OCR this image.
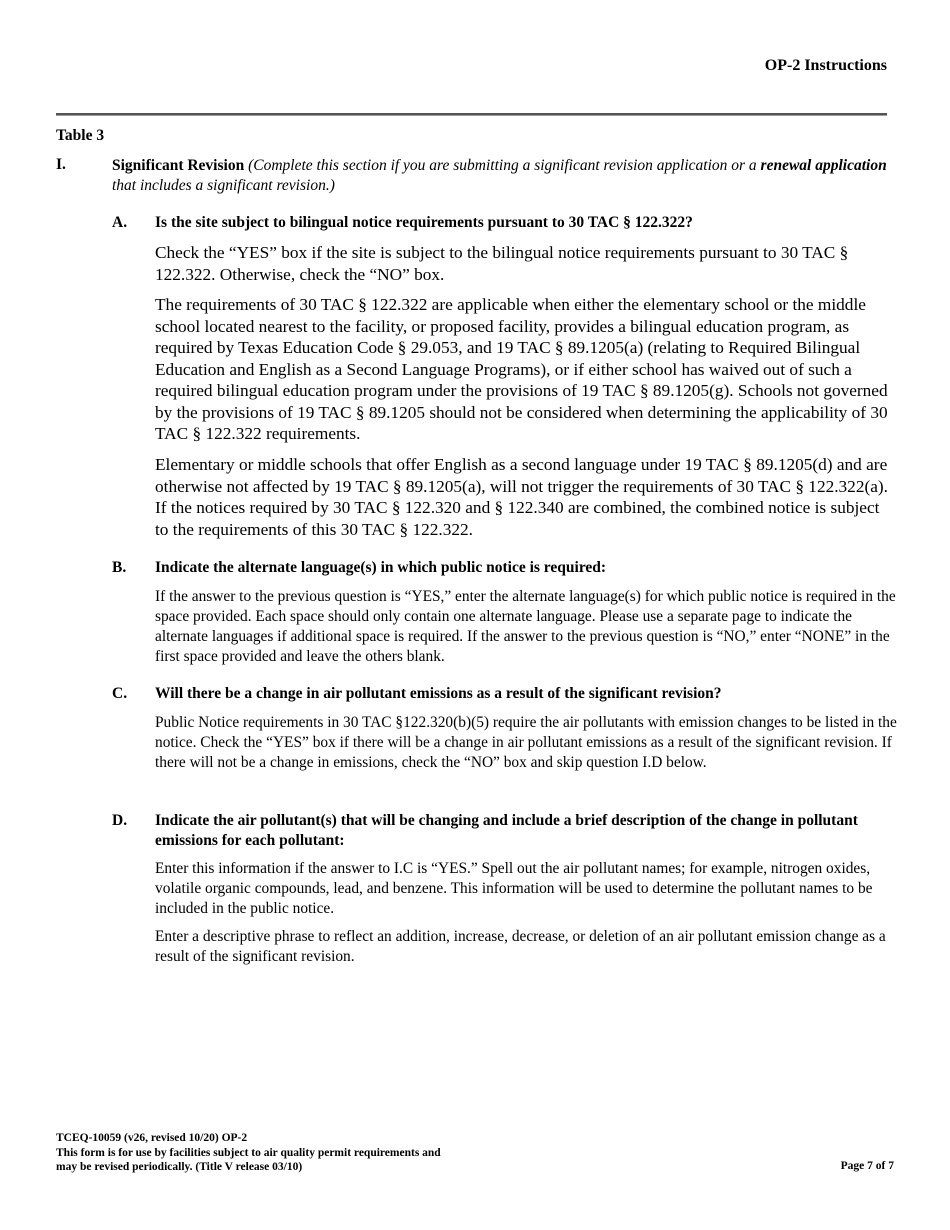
OP-2 Instructions
Table 3
I.	Significant Revision (Complete this section if you are submitting a significant revision application or a renewal application that includes a significant revision.)
A. Is the site subject to bilingual notice requirements pursuant to 30 TAC § 122.322?
Check the “YES” box if the site is subject to the bilingual notice requirements pursuant to 30 TAC § 122.322. Otherwise, check the “NO” box.
The requirements of 30 TAC § 122.322 are applicable when either the elementary school or the middle school located nearest to the facility, or proposed facility, provides a bilingual education program, as required by Texas Education Code § 29.053, and 19 TAC § 89.1205(a) (relating to Required Bilingual Education and English as a Second Language Programs), or if either school has waived out of such a required bilingual education program under the provisions of 19 TAC § 89.1205(g). Schools not governed by the provisions of 19 TAC § 89.1205 should not be considered when determining the applicability of 30 TAC § 122.322 requirements.
Elementary or middle schools that offer English as a second language under 19 TAC § 89.1205(d) and are otherwise not affected by 19 TAC § 89.1205(a), will not trigger the requirements of 30 TAC § 122.322(a). If the notices required by 30 TAC § 122.320 and § 122.340 are combined, the combined notice is subject to the requirements of this 30 TAC § 122.322.
B. Indicate the alternate language(s) in which public notice is required:
If the answer to the previous question is “YES,” enter the alternate language(s) for which public notice is required in the space provided. Each space should only contain one alternate language. Please use a separate page to indicate the alternate languages if additional space is required. If the answer to the previous question is “NO,” enter “NONE” in the first space provided and leave the others blank.
C. Will there be a change in air pollutant emissions as a result of the significant revision?
Public Notice requirements in 30 TAC §122.320(b)(5) require the air pollutants with emission changes to be listed in the notice. Check the “YES” box if there will be a change in air pollutant emissions as a result of the significant revision. If there will not be a change in emissions, check the “NO” box and skip question I.D below.
D. Indicate the air pollutant(s) that will be changing and include a brief description of the change in pollutant emissions for each pollutant:
Enter this information if the answer to I.C is “YES.” Spell out the air pollutant names; for example, nitrogen oxides, volatile organic compounds, lead, and benzene. This information will be used to determine the pollutant names to be included in the public notice.
Enter a descriptive phrase to reflect an addition, increase, decrease, or deletion of an air pollutant emission change as a result of the significant revision.
TCEQ-10059 (v26, revised 10/20) OP-2
This form is for use by facilities subject to air quality permit requirements and
may be revised periodically. (Title V release 03/10)	Page 7 of 7
